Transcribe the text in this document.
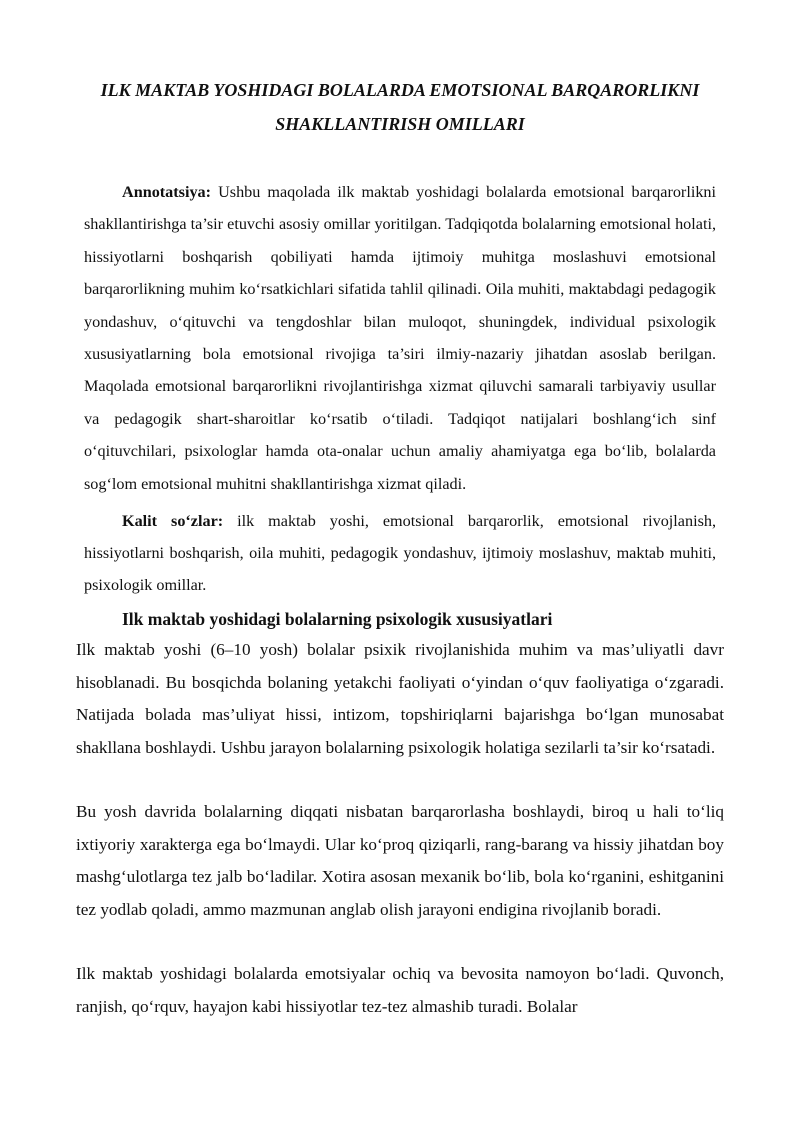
ILK MAKTAB YOSHIDAGI BOLALARDA EMOTSIONAL BARQARORLIKNI SHAKLLANTIRISH OMILLARI

Annotatsiya: Ushbu maqolada ilk maktab yoshidagi bolalarda emotsional barqarorlikni shakllantirishga ta’sir etuvchi asosiy omillar yoritilgan. Tadqiqotda bolalarning emotsional holati, hissiyotlarni boshqarish qobiliyati hamda ijtimoiy muhitga moslashuvi emotsional barqarorlikning muhim ko‘rsatkichlari sifatida tahlil qilinadi. Oila muhiti, maktabdagi pedagogik yondashuv, o‘qituvchi va tengdoshlar bilan muloqot, shuningdek, individual psixologik xususiyatlarning bola emotsional rivojiga ta’siri ilmiy-nazariy jihatdan asoslab berilgan. Maqolada emotsional barqarorlikni rivojlantirishga xizmat qiluvchi samarali tarbiyaviy usullar va pedagogik shart-sharoitlar ko‘rsatib o‘tiladi. Tadqiqot natijalari boshlang‘ich sinf o‘qituvchilari, psixologlar hamda ota-onalar uchun amaliy ahamiyatga ega bo‘lib, bolalarda sog‘lom emotsional muhitni shakllantirishga xizmat qiladi.

Kalit so‘zlar: ilk maktab yoshi, emotsional barqarorlik, emotsional rivojlanish, hissiyotlarni boshqarish, oila muhiti, pedagogik yondashuv, ijtimoiy moslashuv, maktab muhiti, psixologik omillar.

Ilk maktab yoshidagi bolalarning psixologik xususiyatlari

Ilk maktab yoshi (6–10 yosh) bolalar psixik rivojlanishida muhim va mas’uliyatli davr hisoblanadi. Bu bosqichda bolaning yetakchi faoliyati o‘yindan o‘quv faoliyatiga o‘zgaradi. Natijada bolada mas’uliyat hissi, intizom, topshiriqlarni bajarishga bo‘lgan munosabat shakllana boshlaydi. Ushbu jarayon bolalarning psixologik holatiga sezilarli ta’sir ko‘rsatadi.

Bu yosh davrida bolalarning diqqati nisbatan barqarorlasha boshlaydi, biroq u hali to‘liq ixtiyoriy xarakterga ega bo‘lmaydi. Ular ko‘proq qiziqarli, rang-barang va hissiy jihatdan boy mashg‘ulotlarga tez jalb bo‘ladilar. Xotira asosan mexanik bo‘lib, bola ko‘rganini, eshitganini tez yodlab qoladi, ammo mazmunan anglab olish jarayoni endigina rivojlanib boradi.

Ilk maktab yoshidagi bolalarda emotsiyalar ochiq va bevosita namoyon bo‘ladi. Quvonch, ranjish, qo‘rquv, hayajon kabi hissiyotlar tez-tez almashib turadi. Bolalar
